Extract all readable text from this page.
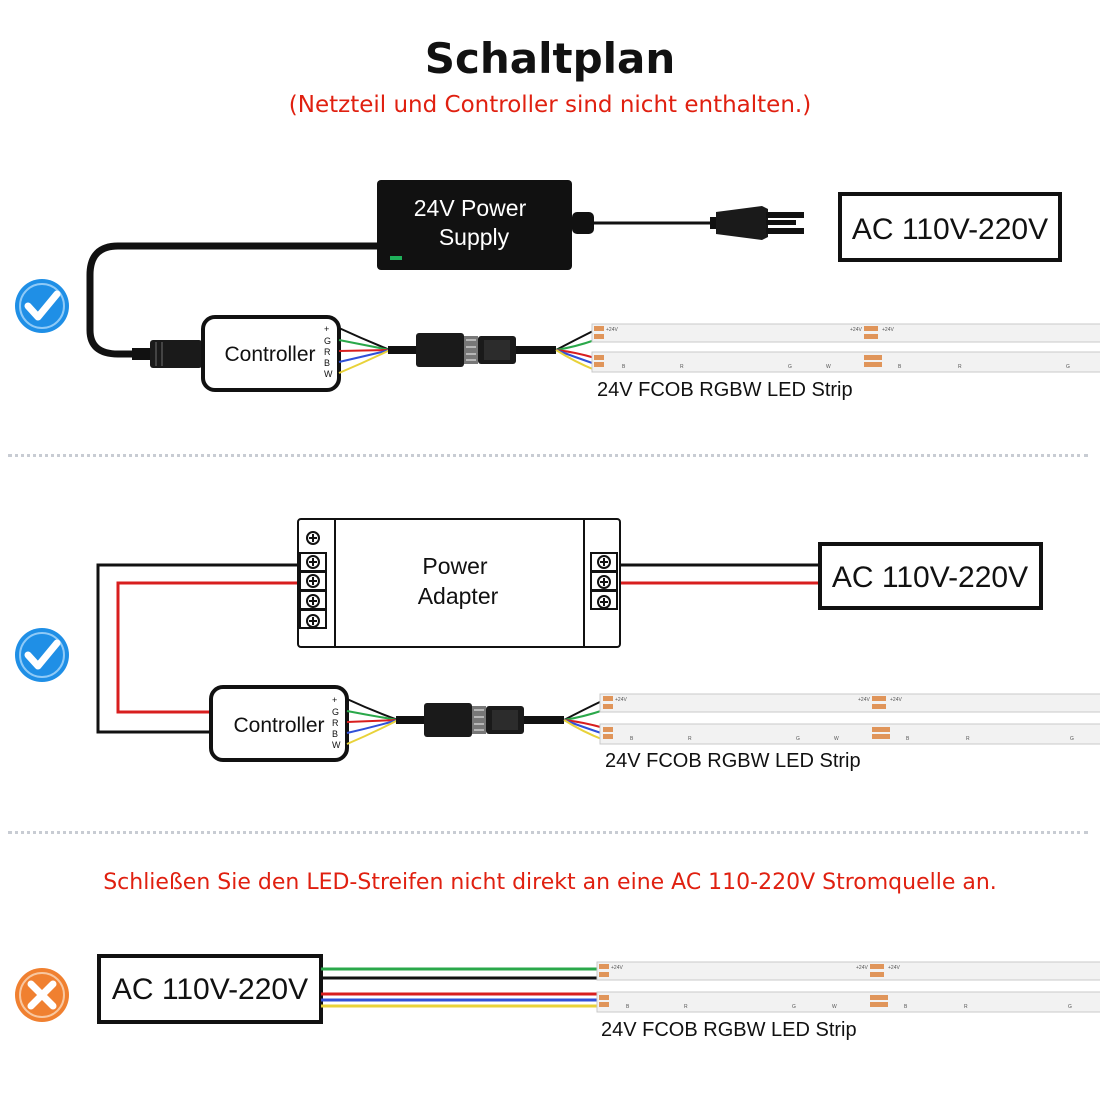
Schaltplan
(Netzteil und Controller sind nicht enthalten.)
Schließen Sie den LED-Streifen nicht direkt an eine AC 110-220V Stromquelle an.
24V Power
Supply	AC 110V-220V
Controller
+
G
R
B
W
+24V	+24V	+24V
B	R	G	W	B	R	G
24V FCOB RGBW LED Strip
Power
Adapter
AC 110V-220V
Controller
+
G
R
B
W
+24V	+24V	+24V
B	R	G	W	B	R	G
24V FCOB RGBW LED Strip
AC 110V-220V
+24V	+24V	+24V
B	R	G	W	B	R	G
24V FCOB RGBW LED Strip
